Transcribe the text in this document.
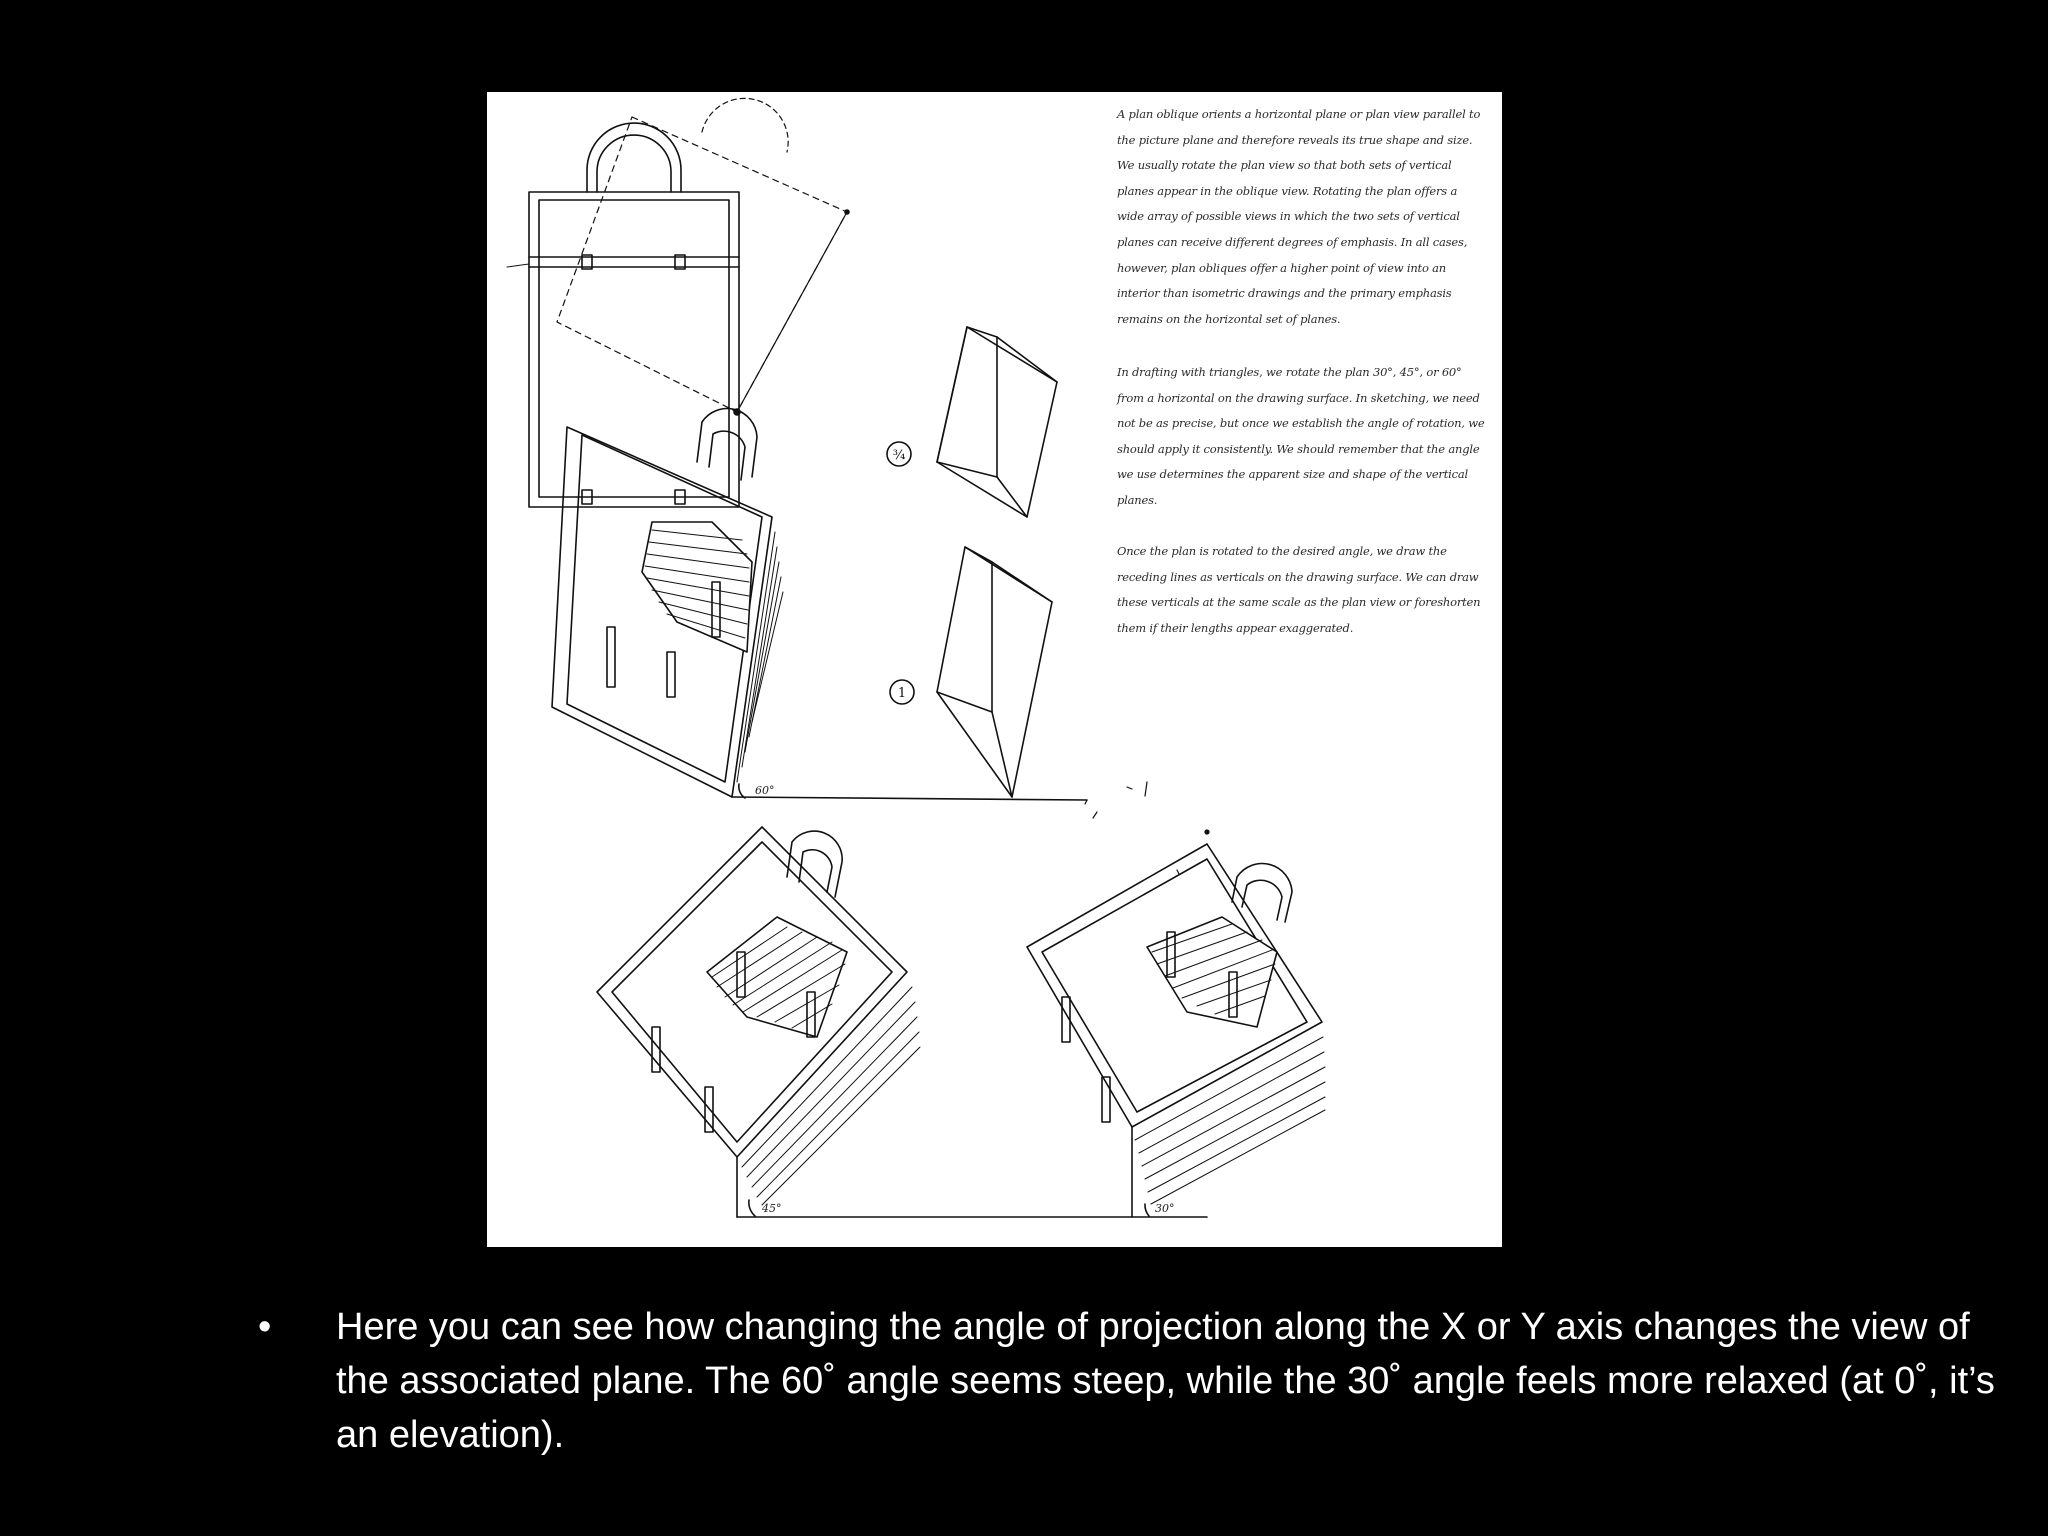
60°
¾
1
45°	30°
A plan oblique orients a horizontal plane or plan view parallel to the picture plane and therefore reveals its true shape and size. We usually rotate the plan view so that both sets of vertical planes appear in the oblique view. Rotating the plan offers a wide array of possible views in which the two sets of vertical planes can receive different degrees of emphasis. In all cases, however, plan obliques offer a higher point of view into an interior than isometric drawings and the primary emphasis remains on the horizontal set of planes.
In drafting with triangles, we rotate the plan 30°, 45°, or 60° from a horizontal on the drawing surface. In sketching, we need not be as precise, but once we establish the angle of rotation, we should apply it consistently. We should remember that the angle we use determines the apparent size and shape of the vertical planes.
Once the plan is rotated to the desired angle, we draw the receding lines as verticals on the drawing surface. We can draw these verticals at the same scale as the plan view or foreshorten them if their lengths appear exaggerated.
• Here you can see how changing the angle of projection along the X or Y axis changes the view of the associated plane. The 60˚ angle seems steep, while the 30˚ angle feels more relaxed (at 0˚, it’s an elevation).
